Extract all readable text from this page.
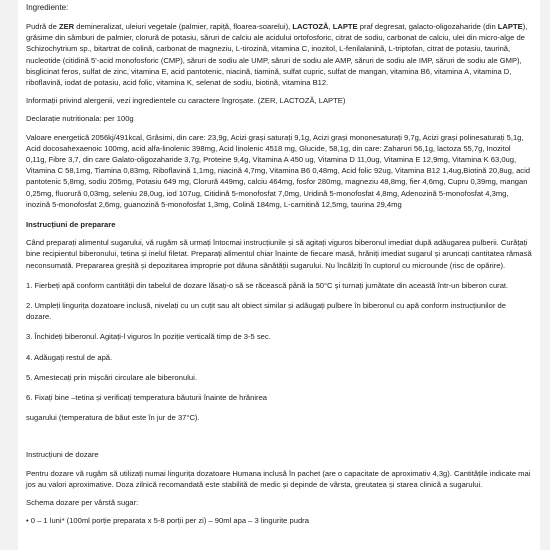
Ingrediente:

Pudră de ZER demineralizat, uleiuri vegetale (palmier, rapiță, floarea-soarelui), LACTOZĂ, LAPTE praf degresat, galacto-oligozaharide (din LAPTE), grăsime din sâmburi de palmier, clorură de potasiu, săruri de calciu ale acidului ortofosforic, citrat de sodiu, carbonat de calciu, ulei din micro-alge de Schizochytrium sp., bitartrat de colină, carbonat de magneziu, L-tirozină, vitamina C, inozitol, L-fenilalanină, L-triptofan, citrat de potasiu, taurină, nucleotide (citidină 5'-acid monofosforic (CMP), săruri de sodiu ale UMP, săruri de sodiu ale AMP, săruri de sodiu ale IMP, săruri de sodiu ale GMP), bisglicinat feros, sulfat de zinc, vitamina E, acid pantotenic, niacină, tiamină, sulfat cupric, sulfat de mangan, vitamina B6, vitamina A, vitamina D, riboflavină, iodat de potasiu, acid folic, vitamina K, selenat de sodiu, biotină, vitamina B12.

Informații privind alergenii, vezi ingredientele cu caractere îngroșate. (ZER, LACTOZĂ, LAPTE)

Declarație nutritionala: per 100g

Valoare energetică 2056kj/491kcal, Grăsimi, din care: 23,9g, Acizi grași saturați 9,1g, Acizi grași mononesaturați 9,7g, Acizi grași polinesaturați 5,1g, Acid docosahexaenoic 100mg, acid alfa-linolenic 398mg, Acid linolenic 4518 mg, Glucide, 58,1g, din care: Zaharuri 56,1g, lactoza 55,7g, Inozitol 0,11g, Fibre 3,7, din care Galato-oligozaharide 3,7g, Proteine 9,4g, Vitamina A 450 ug, Vitamina D 11,0ug, Vitamina E 12,9mg, Vitamina K 63,0ug, Vitamina C 58,1mg, Tiamina 0,83mg, Riboflavină 1,1mg, niacină 4,7mg, Vitamina B6 0,48mg, Acid folic 92ug, Vitamina B12 1,4ug,Biotină 20,8ug, acid pantotenic 5,8mg, sodiu 205mg, Potasiu 649 mg, Clorură 449mg, calciu 464mg, fosfor 280mg, magneziu 48,8mg, fier 4,6mg, Cupru 0,39mg, mangan 0,25mg, fluorură 0,03mg, seleniu 28,0ug, iod 107ug, Citidină 5-monofosfat 7,0mg, Uridină 5-monofosfat 4,8mg, Adenozină 5-monofosfat 4,3mg, inozină 5-monofosfat 2,6mg, guanozină 5-monofosfat 1,3mg, Colină 184mg, L-carnitină 12,5mg, taurina 29,4mg

Instrucțiuni de preparare

Când preparați alimentul sugarului, vă rugăm să urmați întocmai instrucțiunile și să agitați viguros biberonul imediat după adăugarea pulberii. Curățați bine recipientul biberonului, tetina și inelul filetat. Preparați alimentul chiar înainte de fiecare masă, hrăniți imediat sugarul și aruncați cantitatea rămasă neconsumată. Prepararea greșită și depozitarea improprie pot dăuna sănătății sugarului. Nu încălziți în cuptorul cu microunde (risc de opărire).

1. Fierbeți apă conform cantității din tabelul de dozare lăsați-o să se răcească până la 50°C și turnați jumătate din această într-un biberon curat.

2. Umpleți lingurița dozatoare inclusă, nivelați cu un cuțit sau alt obiect similar și adăugați pulbere în biberonul cu apă conform instrucțiunilor de dozare.

3. Închideți biberonul. Agitați-l viguros în poziție verticală timp de 3-5 sec.

4. Adăugați restul de apă.

5. Amestecați prin mișcări circulare ale biberonului.

6. Fixați bine –tetina și verificați temperatura băuturii înainte de hrănirea

sugarului (temperatura de băut este în jur de 37°C).

Instrucțiuni de dozare

Pentru dozare vă rugăm să utilizați numai lingurița dozatoare Humana inclusă în pachet (are o capacitate de aproximativ 4,3g). Cantitățile indicate mai jos au valori aproximative. Doza zilnică recomandată este stabilită de medic și depinde de vârsta, greutatea și starea clinică a sugarului.

Schema dozare per vârstă sugar:

• 0 – 1 luni* (100ml porție preparata x 5-8 porții per zi) – 90ml apa – 3 lingurite pudra
